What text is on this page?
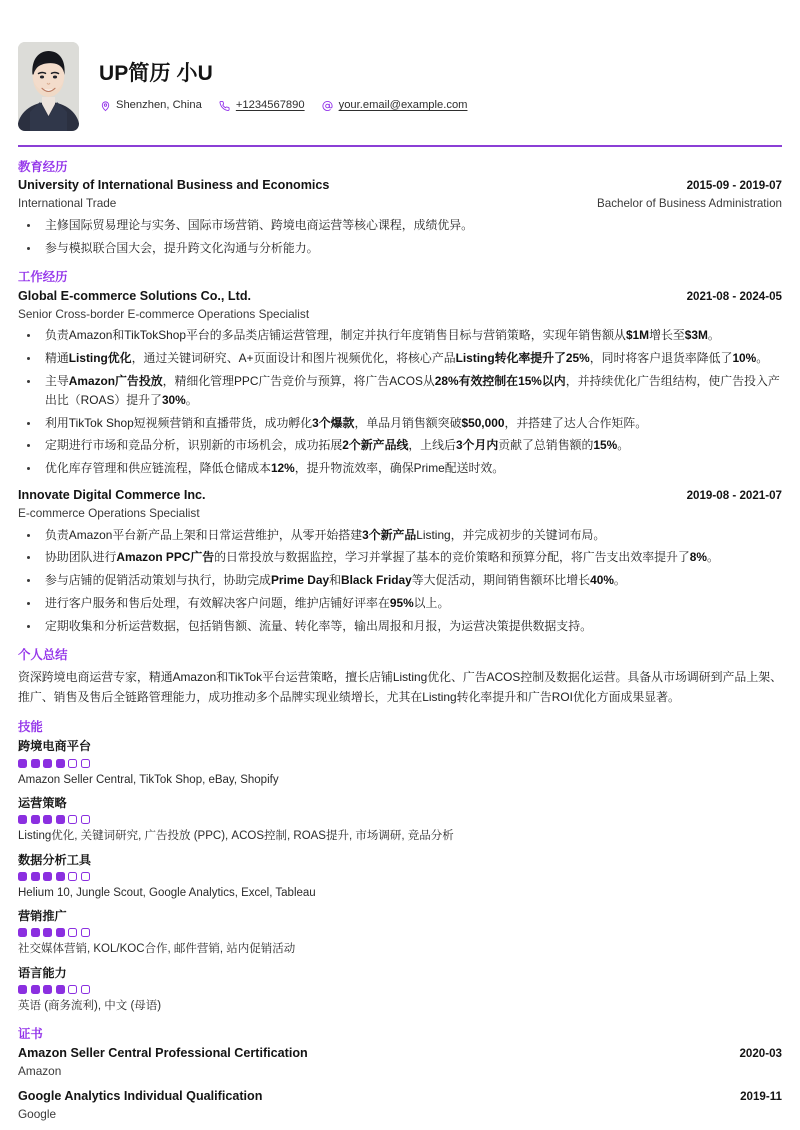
UP简历 小U
Shenzhen, China	+1234567890	your.email@example.com
教育经历
University of International Business and Economics	2015-09 - 2019-07
International Trade	Bachelor of Business Administration
主修国际贸易理论与实务、国际市场营销、跨境电商运营等核心课程，成绩优异。
参与模拟联合国大会，提升跨文化沟通与分析能力。
工作经历
Global E-commerce Solutions Co., Ltd.	2021-08 - 2024-05
Senior Cross-border E-commerce Operations Specialist
负责Amazon和TikTokShop平台的多品类店铺运营管理，制定并执行年度销售目标与营销策略，实现年销售额从$1M增长至$3M。
精通Listing优化，通过关键词研究、A+页面设计和图片视频优化，将核心产品Listing转化率提升了25%，同时将客户退货率降低了10%。
主导Amazon广告投放，精细化管理PPC广告竞价与预算，将广告ACOS从28%有效控制在15%以内，并持续优化广告组结构，使广告投入产出比（ROAS）提升了30%。
利用TikTok Shop短视频营销和直播带货，成功孵化3个爆款，单品月销售额突破$50,000，并搭建了达人合作矩阵。
定期进行市场和竞品分析，识别新的市场机会，成功拓展2个新产品线，上线后3个月内贡献了总销售额的15%。
优化库存管理和供应链流程，降低仓储成本12%，提升物流效率，确保Prime配送时效。
Innovate Digital Commerce Inc.	2019-08 - 2021-07
E-commerce Operations Specialist
负责Amazon平台新产品上架和日常运营维护，从零开始搭建3个新产品Listing，并完成初步的关键词布局。
协助团队进行Amazon PPC广告的日常投放与数据监控，学习并掌握了基本的竞价策略和预算分配，将广告支出效率提升了8%。
参与店铺的促销活动策划与执行，协助完成Prime Day和Black Friday等大促活动，期间销售额环比增长40%。
进行客户服务和售后处理，有效解决客户问题，维护店铺好评率在95%以上。
定期收集和分析运营数据，包括销售额、流量、转化率等，输出周报和月报，为运营决策提供数据支持。
个人总结
资深跨境电商运营专家，精通Amazon和TikTok平台运营策略，擅长店铺Listing优化、广告ACOS控制及数据化运营。具备从市场调研到产品上架、推广、销售及售后全链路管理能力，成功推动多个品牌实现业绩增长，尤其在Listing转化率提升和广告ROI优化方面成果显著。
技能
跨境电商平台
Amazon Seller Central, TikTok Shop, eBay, Shopify
运营策略
Listing优化, 关键词研究, 广告投放 (PPC), ACOS控制, ROAS提升, 市场调研, 竞品分析
数据分析工具
Helium 10, Jungle Scout, Google Analytics, Excel, Tableau
营销推广
社交媒体营销, KOL/KOC合作, 邮件营销, 站内促销活动
语言能力
英语 (商务流利), 中文 (母语)
证书
Amazon Seller Central Professional Certification	2020-03
Amazon
Google Analytics Individual Qualification	2019-11
Google
